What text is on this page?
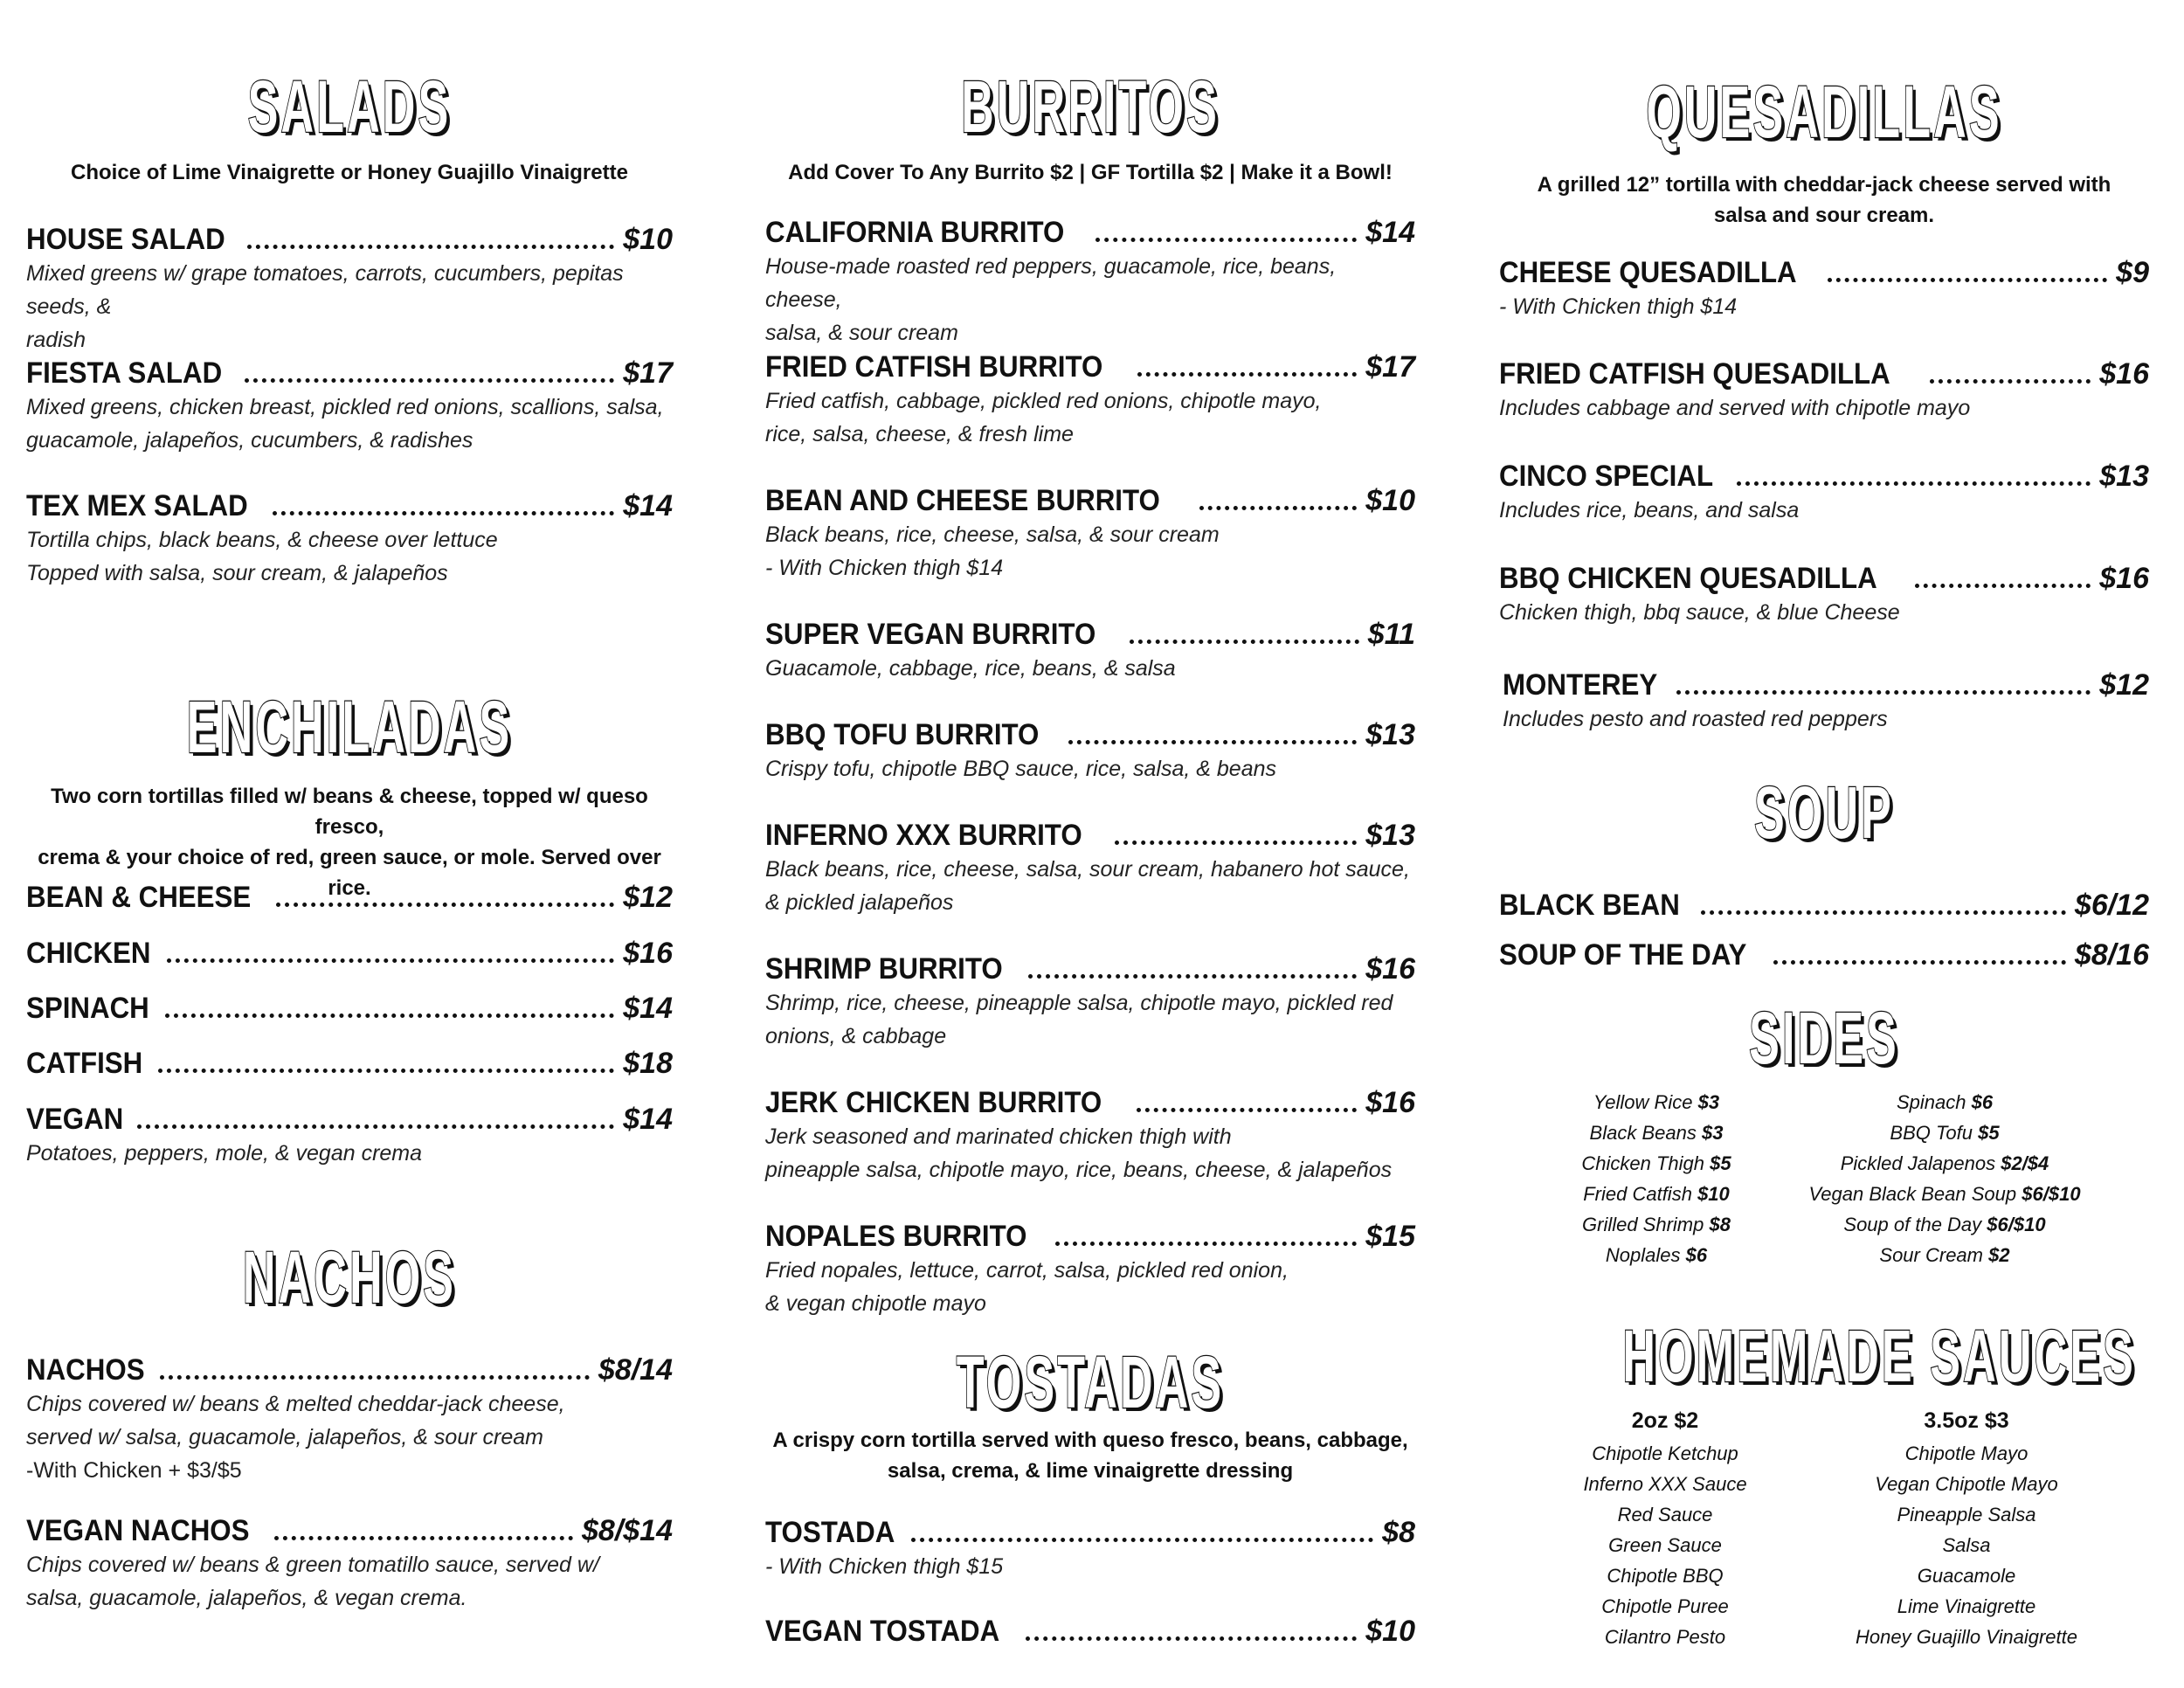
SALADS

Choice of Lime Vinaigrette or Honey Guajillo Vinaigrette

HOUSE SALAD	$10

Mixed greens w/ grape tomatoes, carrots, cucumbers, pepitas seeds, &
radish

FIESTA SALAD	$17

Mixed greens, chicken breast, pickled red onions, scallions, salsa,
guacamole, jalapeños, cucumbers, & radishes

TEX MEX SALAD	$14

Tortilla chips, black beans, & cheese over lettuce
Topped with salsa, sour cream, & jalapeños

ENCHILADAS

Two corn tortillas filled w/ beans & cheese, topped w/ queso fresco,
crema & your choice of red, green sauce, or mole. Served over rice.

BEAN & CHEESE	$12
CHICKEN	$16
SPINACH	$14
CATFISH	$18
VEGAN	$14

Potatoes, peppers, mole, & vegan crema

NACHOS
NACHOS	$8/14

Chips covered w/ beans & melted cheddar-jack cheese,
served w/ salsa, guacamole, jalapeños, & sour cream
-With Chicken + $3/$5

VEGAN NACHOS	$8/$14

Chips covered w/ beans & green tomatillo sauce, served w/
salsa, guacamole, jalapeños, & vegan crema.

BURRITOS

Add Cover To Any Burrito $2 | GF Tortilla $2 | Make it a Bowl!

CALIFORNIA BURRITO	$14

House-made roasted red peppers, guacamole, rice, beans, cheese,
salsa, & sour cream

FRIED CATFISH BURRITO	$17

Fried catfish, cabbage, pickled red onions, chipotle mayo,
rice, salsa, cheese, & fresh lime

BEAN AND CHEESE BURRITO	$10

Black beans, rice, cheese, salsa, & sour cream
- With Chicken thigh $14

SUPER VEGAN BURRITO	$11

Guacamole, cabbage, rice, beans, & salsa

BBQ TOFU BURRITO	$13

Crispy tofu, chipotle BBQ sauce, rice, salsa, & beans

INFERNO XXX BURRITO	$13

Black beans, rice, cheese, salsa, sour cream, habanero hot sauce,
& pickled jalapeños

SHRIMP BURRITO	$16

Shrimp, rice, cheese, pineapple salsa, chipotle mayo, pickled red
onions, & cabbage

JERK CHICKEN BURRITO	$16

Jerk seasoned and marinated chicken thigh with
pineapple salsa, chipotle mayo, rice, beans, cheese, & jalapeños

NOPALES BURRITO	$15

Fried nopales, lettuce, carrot, salsa, pickled red onion,
& vegan chipotle mayo

TOSTADAS

A crispy corn tortilla served with queso fresco, beans, cabbage,
salsa, crema, & lime vinaigrette dressing

TOSTADA	$8

- With Chicken thigh $15

VEGAN TOSTADA	$10
QUESADILLAS

A grilled 12” tortilla with cheddar-jack cheese served with
salsa and sour cream.

CHEESE QUESADILLA	$9

- With Chicken thigh $14

FRIED CATFISH QUESADILLA	$16

Includes cabbage and served with chipotle mayo

CINCO SPECIAL	$13

Includes rice, beans, and salsa

BBQ CHICKEN QUESADILLA	$16

Chicken thigh, bbq sauce, & blue Cheese

MONTEREY	$12

Includes pesto and roasted red peppers

SOUP
BLACK BEAN	$6/12
SOUP OF THE DAY	$8/16
SIDES
Yellow Rice $3
Black Beans $3
Chicken Thigh $5
Fried Catfish $10
Grilled Shrimp $8
Noplales $6
Spinach $6
BBQ Tofu $5
Pickled Jalapenos $2/$4
Vegan Black Bean Soup $6/$10
Soup of the Day $6/$10
Sour Cream $2
HOMEMADE SAUCES
2oz $2
Chipotle Ketchup
Inferno XXX Sauce
Red Sauce
Green Sauce
Chipotle BBQ
Chipotle Puree
Cilantro Pesto
3.5oz $3
Chipotle Mayo
Vegan Chipotle Mayo
Pineapple Salsa
Salsa
Guacamole
Lime Vinaigrette
Honey Guajillo Vinaigrette
